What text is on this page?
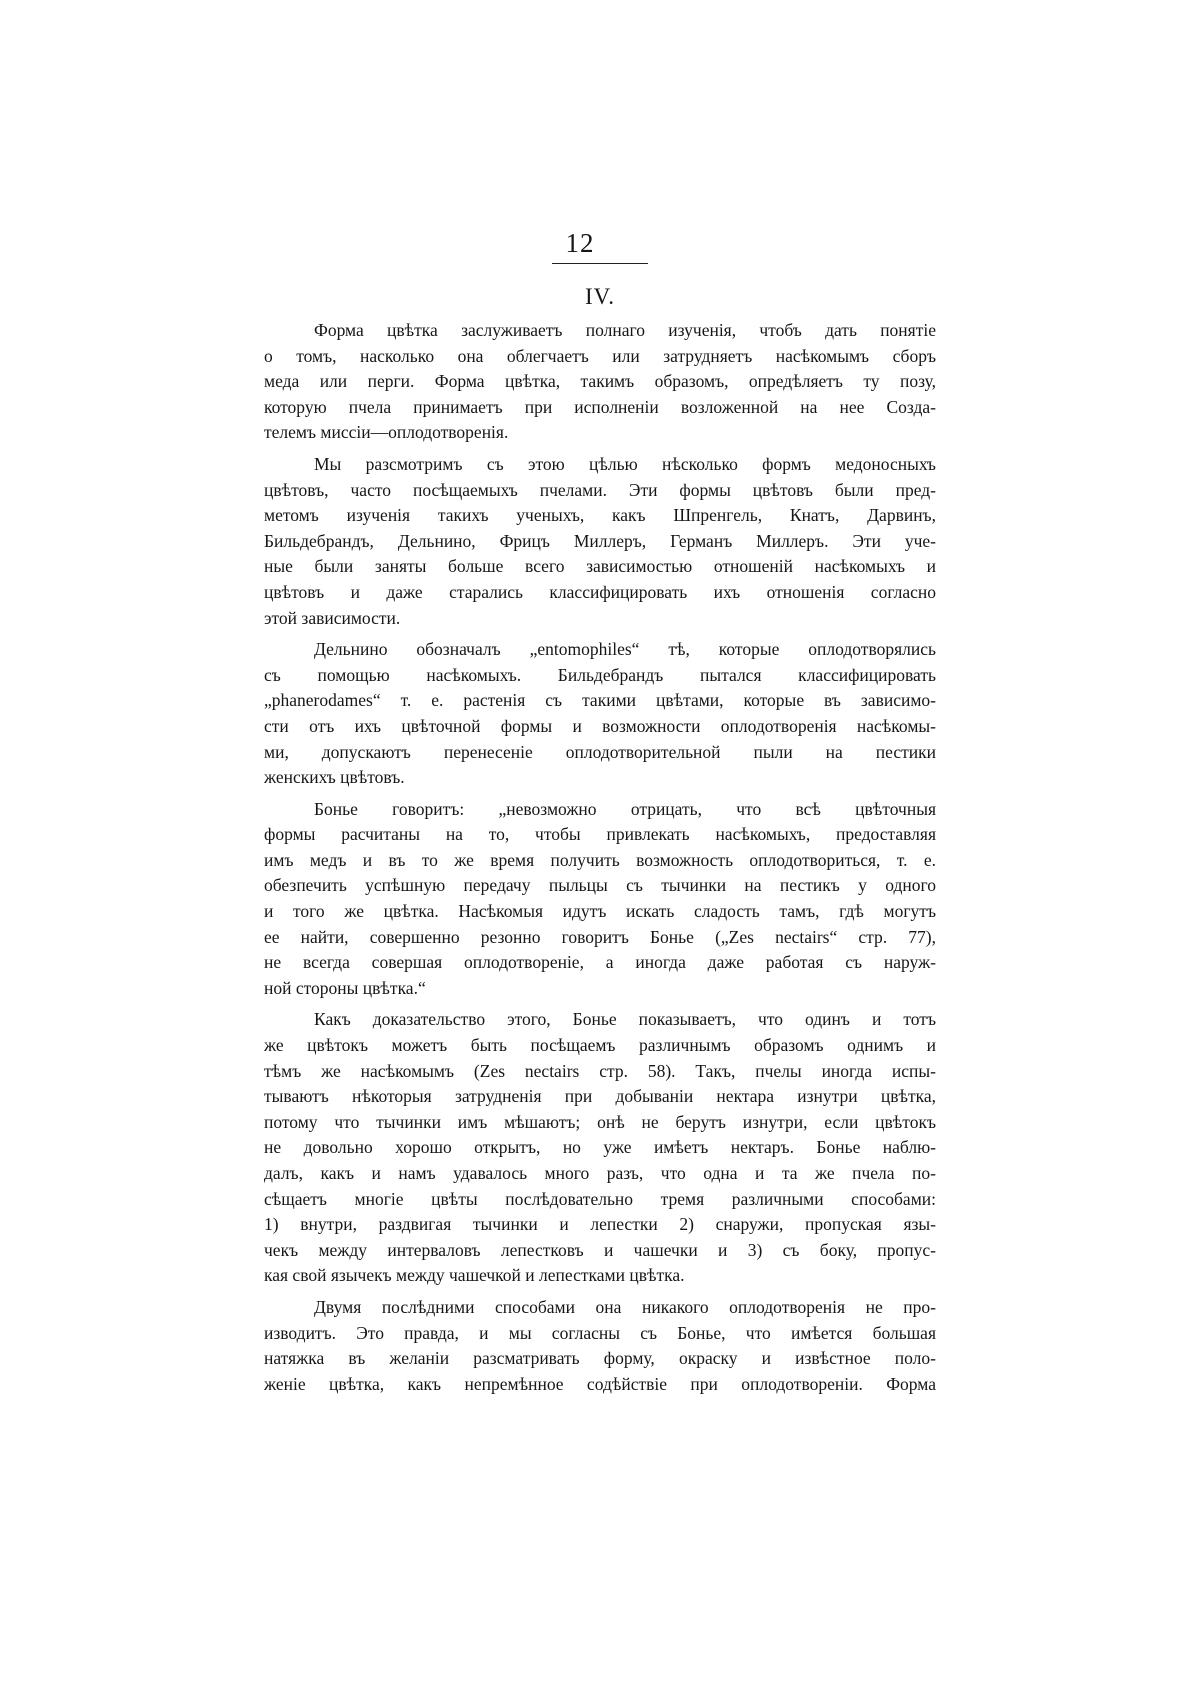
12
IV.
Форма цвѣтка заслуживаетъ полнаго изученія, чтобъ дать понятіе
о томъ, насколько она облегчаетъ или затрудняетъ насѣкомымъ сборъ
меда или перги. Форма цвѣтка, такимъ образомъ, опредѣляетъ ту позу,
которую пчела принимаетъ при исполненіи возложенной на нее Созда-
телемъ миссіи—оплодотворенія.
Мы разсмотримъ съ этою цѣлью нѣсколько формъ медоносныхъ
цвѣтовъ, часто посѣщаемыхъ пчелами. Эти формы цвѣтовъ были пред-
метомъ изученія такихъ ученыхъ, какъ Шпренгель, Кнатъ, Дарвинъ,
Бильдебрандъ, Дельнино, Фрицъ Миллеръ, Германъ Миллеръ. Эти уче-
ные были заняты больше всего зависимостью отношеній насѣкомыхъ и
цвѣтовъ и даже старались классифицировать ихъ отношенія согласно
этой зависимости.
Дельнино обозначалъ „entomophiles“ тѣ, которые оплодотворялись
съ помощью насѣкомыхъ. Бильдебрандъ пытался классифицировать
„phanerodames“ т. е. растенія съ такими цвѣтами, которые въ зависимо-
сти отъ ихъ цвѣточной формы и возможности оплодотворенія насѣкомы-
ми, допускаютъ перенесеніе оплодотворительной пыли на пестики
женскихъ цвѣтовъ.
Бонье говоритъ: „невозможно отрицать, что всѣ цвѣточныя
формы расчитаны на то, чтобы привлекать насѣкомыхъ, предоставляя
имъ медъ и въ то же время получить возможность оплодотвориться, т. е.
обезпечить успѣшную передачу пыльцы съ тычинки на пестикъ у одного
и того же цвѣтка. Насѣкомыя идутъ искать сладость тамъ, гдѣ могутъ
ее найти, совершенно резонно говоритъ Бонье („Zes nectairs“ стр. 77),
не всегда совершая оплодотвореніе, а иногда даже работая съ наруж-
ной стороны цвѣтка.“
Какъ доказательство этого, Бонье показываетъ, что одинъ и тотъ
же цвѣтокъ можетъ быть посѣщаемъ различнымъ образомъ однимъ и
тѣмъ же насѣкомымъ (Zes nectairs стр. 58). Такъ, пчелы иногда испы-
тываютъ нѣкоторыя затрудненія при добываніи нектара изнутри цвѣтка,
потому что тычинки имъ мѣшаютъ; онѣ не берутъ изнутри, если цвѣтокъ
не довольно хорошо открытъ, но уже имѣетъ нектаръ. Бонье наблю-
далъ, какъ и намъ удавалось много разъ, что одна и та же пчела по-
сѣщаетъ многіе цвѣты послѣдовательно тремя различными способами:
1) внутри, раздвигая тычинки и лепестки 2) снаружи, пропуская язы-
чекъ между интерваловъ лепестковъ и чашечки и 3) съ боку, пропус-
кая свой язычекъ между чашечкой и лепестками цвѣтка.
Двумя послѣдними способами она никакого оплодотворенія не про-
изводитъ. Это правда, и мы согласны съ Бонье, что имѣется большая
натяжка въ желаніи разсматривать форму, окраску и извѣстное поло-
женіе цвѣтка, какъ непремѣнное содѣйствіе при оплодотвореніи. Форма
